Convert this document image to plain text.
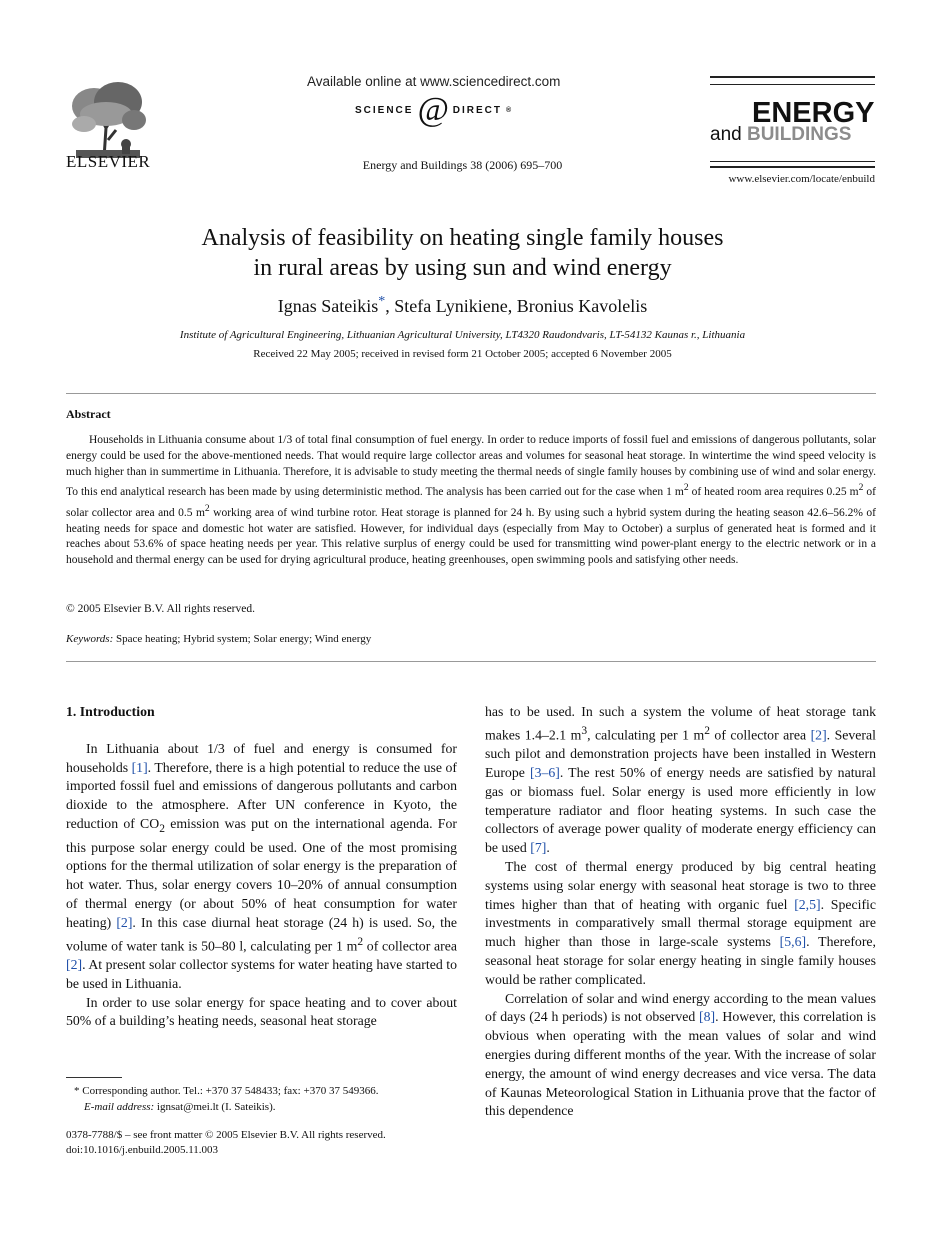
ELSEVIER
Available online at www.sciencedirect.com
SCIENCE @ DIRECT ®
Energy and Buildings 38 (2006) 695–700
ENERGY
and BUILDINGS
www.elsevier.com/locate/enbuild
Analysis of feasibility on heating single family houses
in rural areas by using sun and wind energy
Ignas Sateikis*, Stefa Lynikiene, Bronius Kavolelis
Institute of Agricultural Engineering, Lithuanian Agricultural University, LT4320 Raudondvaris, LT-54132 Kaunas r., Lithuania
Received 22 May 2005; received in revised form 21 October 2005; accepted 6 November 2005
Abstract
Households in Lithuania consume about 1/3 of total final consumption of fuel energy. In order to reduce imports of fossil fuel and emissions of dangerous pollutants, solar energy could be used for the above-mentioned needs. That would require large collector areas and volumes for seasonal heat storage. In wintertime the wind speed velocity is much higher than in summertime in Lithuania. Therefore, it is advisable to study meeting the thermal needs of single family houses by combining use of wind and solar energy. To this end analytical research has been made by using deterministic method. The analysis has been carried out for the case when 1 $m^2$ of heated room area requires 0.25 $m^2$ of solar collector area and 0.5 $m^2$ working area of wind turbine rotor. Heat storage is planned for 24 h. By using such a hybrid system during the heating season 42.6–56.2% of heating needs for space and domestic hot water are satisfied. However, for individual days (especially from May to October) a surplus of generated heat is formed and it reaches about 53.6% of space heating needs per year. This relative surplus of energy could be used for transmitting wind power-plant energy to the electric network or in a household and thermal energy can be used for drying agricultural produce, heating greenhouses, open swimming pools and satisfying other needs.
© 2005 Elsevier B.V. All rights reserved.
Keywords: Space heating; Hybrid system; Solar energy; Wind energy

1. Introduction

In Lithuania about 1/3 of fuel and energy is consumed for households [1]. Therefore, there is a high potential to reduce the use of imported fossil fuel and emissions of dangerous pollutants and carbon dioxide to the atmosphere. After UN conference in Kyoto, the reduction of $CO_2$ emission was put on the international agenda. For this purpose solar energy could be used. One of the most promising options for the thermal utilization of solar energy is the preparation of hot water. Thus, solar energy covers 10–20% of annual consumption of thermal energy (or about 50% of heat consumption for water heating) [2]. In this case diurnal heat storage (24 h) is used. So, the volume of water tank is 50–80 l, calculating per 1 $m^2$ of collector area [2]. At present solar collector systems for water heating have started to be used in Lithuania.

In order to use solar energy for space heating and to cover about 50% of a building’s heating needs, seasonal heat storage

has to be used. In such a system the volume of heat storage tank makes 1.4–2.1 $m^3$, calculating per 1 $m^2$ of collector area [2]. Several such pilot and demonstration projects have been installed in Western Europe [3–6]. The rest 50% of energy needs are satisfied by natural gas or biomass fuel. Solar energy is used more efficiently in low temperature radiator and floor heating systems. In such case the collectors of average power quality of moderate energy efficiency can be used [7].

The cost of thermal energy produced by big central heating systems using solar energy with seasonal heat storage is two to three times higher than that of heating with organic fuel [2,5]. Specific investments in comparatively small thermal storage equipment are much higher than those in large-scale systems [5,6]. Therefore, seasonal heat storage for solar energy heating in single family houses would be rather complicated.

Correlation of solar and wind energy according to the mean values of days (24 h periods) is not observed [8]. However, this correlation is obvious when operating with the mean values of solar and wind energies during different months of the year. With the increase of solar energy, the amount of wind energy decreases and vice versa. The data of Kaunas Meteorological Station in Lithuania prove that the factor of this dependence

* Corresponding author. Tel.: +370 37 548433; fax: +370 37 549366.

E-mail address: ignsat@mei.lt (I. Sateikis).

0378-7788/$ – see front matter © 2005 Elsevier B.V. All rights reserved.
doi:10.1016/j.enbuild.2005.11.003
